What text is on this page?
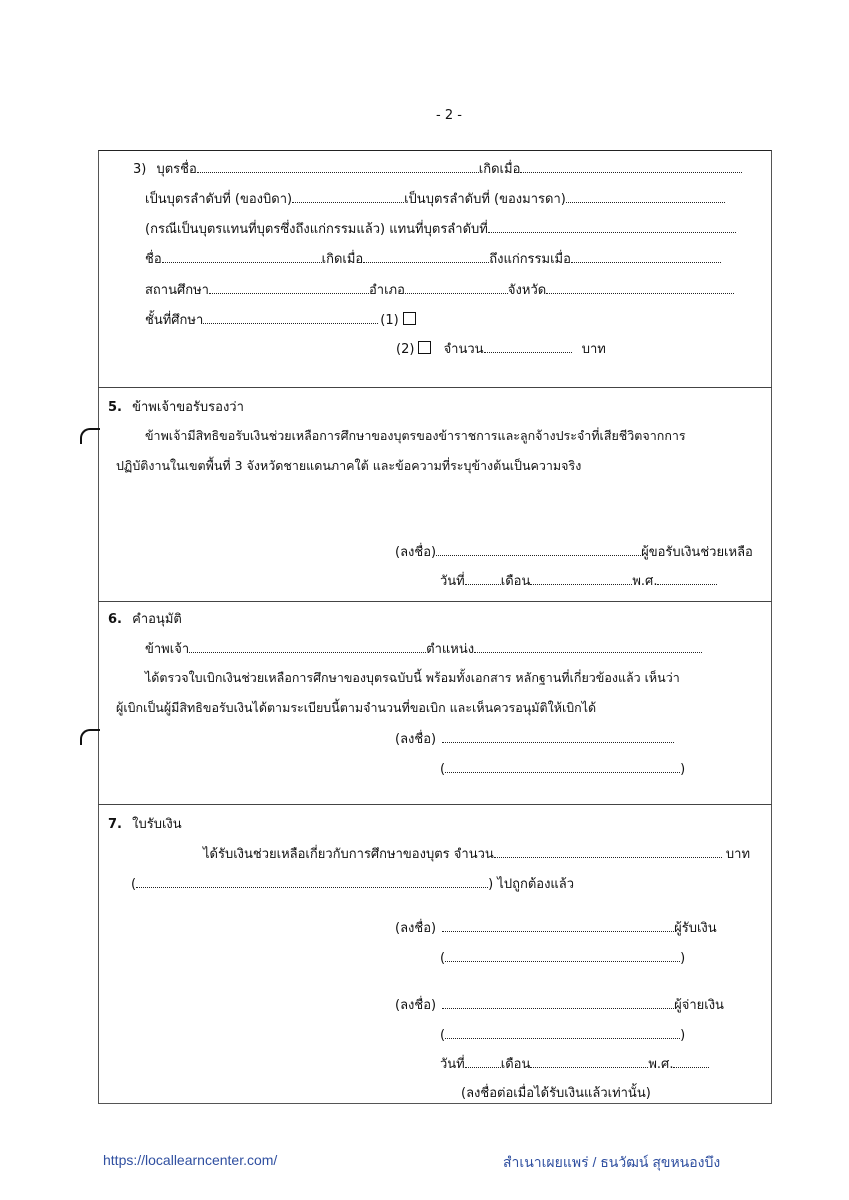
- 2 -
3) บุตรชื่อ	เกิดเมื่อ
เป็นบุตรลำดับที่ (ของบิดา)	เป็นบุตรลำดับที่ (ของมารดา)
(กรณีเป็นบุตรแทนที่บุตรซึ่งถึงแก่กรรมแล้ว) แทนที่บุตรลำดับที่
ชื่อ	เกิดเมื่อ	ถึงแก่กรรมเมื่อ
สถานศึกษา	อำเภอ	จังหวัด
ชั้นที่ศึกษา	(1)
(2) จำนวน	บาท
5. ข้าพเจ้าขอรับรองว่า
ข้าพเจ้ามีสิทธิขอรับเงินช่วยเหลือการศึกษาของบุตรของข้าราชการและลูกจ้างประจำที่เสียชีวิตจากการ
ปฏิบัติงานในเขตพื้นที่ 3 จังหวัดชายแดนภาคใต้ และข้อความที่ระบุข้างต้นเป็นความจริง
(ลงชื่อ)	ผู้ขอรับเงินช่วยเหลือ
วันที่	เดือน	พ.ศ.
6. คำอนุมัติ
ข้าพเจ้า	ตำแหน่ง
ได้ตรวจใบเบิกเงินช่วยเหลือการศึกษาของบุตรฉบับนี้ พร้อมทั้งเอกสาร หลักฐานที่เกี่ยวข้องแล้ว เห็นว่า
ผู้เบิกเป็นผู้มีสิทธิขอรับเงินได้ตามระเบียบนี้ตามจำนวนที่ขอเบิก และเห็นควรอนุมัติให้เบิกได้
(ลงชื่อ)
(	)
7. ใบรับเงิน
ได้รับเงินช่วยเหลือเกี่ยวกับการศึกษาของบุตร จำนวน	บาท
(	) ไปถูกต้องแล้ว
(ลงชื่อ)	ผู้รับเงิน
(	)
(ลงชื่อ)	ผู้จ่ายเงิน
(	)
วันที่	เดือน	พ.ศ.
(ลงชื่อต่อเมื่อได้รับเงินแล้วเท่านั้น)
https://locallearncenter.com/	สำเนาเผยแพร่ / ธนวัฒน์ สุขหนองบึง
